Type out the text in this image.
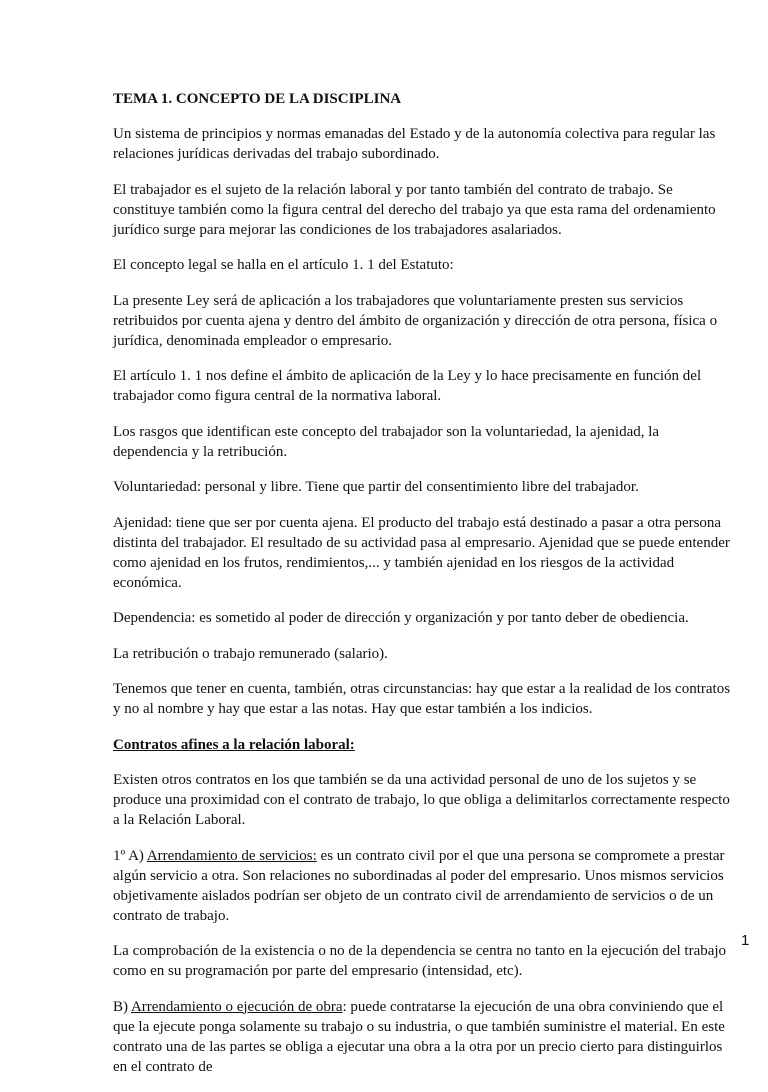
TEMA 1. CONCEPTO DE LA DISCIPLINA

Un sistema de principios y normas emanadas del Estado y de la autonomía colectiva para regular las relaciones jurídicas derivadas del trabajo subordinado.

El trabajador es el sujeto de la relación laboral y por tanto también del contrato de trabajo. Se constituye también como la figura central del derecho del trabajo ya que esta rama del ordenamiento jurídico surge para mejorar las condiciones de los trabajadores asalariados.

El concepto legal se halla en el artículo 1. 1 del Estatuto:

La presente Ley será de aplicación a los trabajadores que voluntariamente presten sus servicios retribuidos por cuenta ajena y dentro del ámbito de organización y dirección de otra persona, física o jurídica, denominada empleador o empresario.

El artículo 1. 1 nos define el ámbito de aplicación de la Ley y lo hace precisamente en función del trabajador como figura central de la normativa laboral.

Los rasgos que identifican este concepto del trabajador son la voluntariedad, la ajenidad, la dependencia y la retribución.

Voluntariedad: personal y libre. Tiene que partir del consentimiento libre del trabajador.

Ajenidad: tiene que ser por cuenta ajena. El producto del trabajo está destinado a pasar a otra persona distinta del trabajador. El resultado de su actividad pasa al empresario. Ajenidad que se puede entender como ajenidad en los frutos, rendimientos,... y también ajenidad en los riesgos de la actividad económica.

Dependencia: es sometido al poder de dirección y organización y por tanto deber de obediencia.

La retribución o trabajo remunerado (salario).

Tenemos que tener en cuenta, también, otras circunstancias: hay que estar a la realidad de los contratos y no al nombre y hay que estar a las notas. Hay que estar también a los indicios.

Contratos afines a la relación laboral:

Existen otros contratos en los que también se da una actividad personal de uno de los sujetos y se produce una proximidad con el contrato de trabajo, lo que obliga a delimitarlos correctamente respecto a la Relación Laboral.

1º A) Arrendamiento de servicios: es un contrato civil por el que una persona se compromete a prestar algún servicio a otra. Son relaciones no subordinadas al poder del empresario. Unos mismos servicios objetivamente aislados podrían ser objeto de un contrato civil de arrendamiento de servicios o de un contrato de trabajo.

La comprobación de la existencia o no de la dependencia se centra no tanto en la ejecución del trabajo como en su programación por parte del empresario (intensidad, etc).

B) Arrendamiento o ejecución de obra: puede contratarse la ejecución de una obra conviniendo que el que la ejecute ponga solamente su trabajo o su industria, o que también suministre el material. En este contrato una de las partes se obliga a ejecutar una obra a la otra por un precio cierto para distinguirlos en el contrato de

1
